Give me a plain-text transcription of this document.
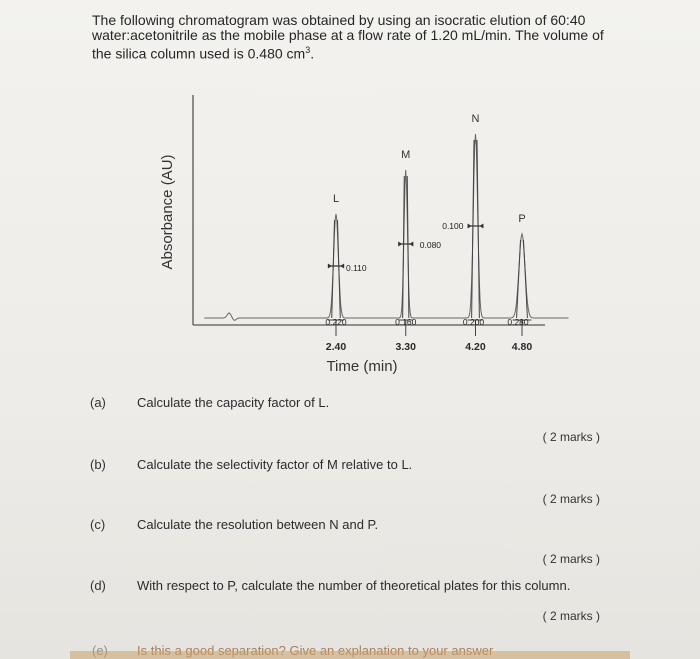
The following chromatogram was obtained by using an isocratic elution of 60:40
water:acetonitrile as the mobile phase at a flow rate of 1.20 mL/min. The volume of
the silica column used is 0.480 $cm^3$.
Absorbance (AU)
Time (min)
L
M
N
P
0.220	0.160	0.200	0.280
0.110
0.080
0.100
2.40	3.30	4.20 4.80
(a) Calculate the capacity factor of L.
( 2 marks )
(b) Calculate the selectivity factor of M relative to L.
( 2 marks )
(c) Calculate the resolution between N and P.
( 2 marks )
(d) With respect to P, calculate the number of theoretical plates for this column.
( 2 marks )
